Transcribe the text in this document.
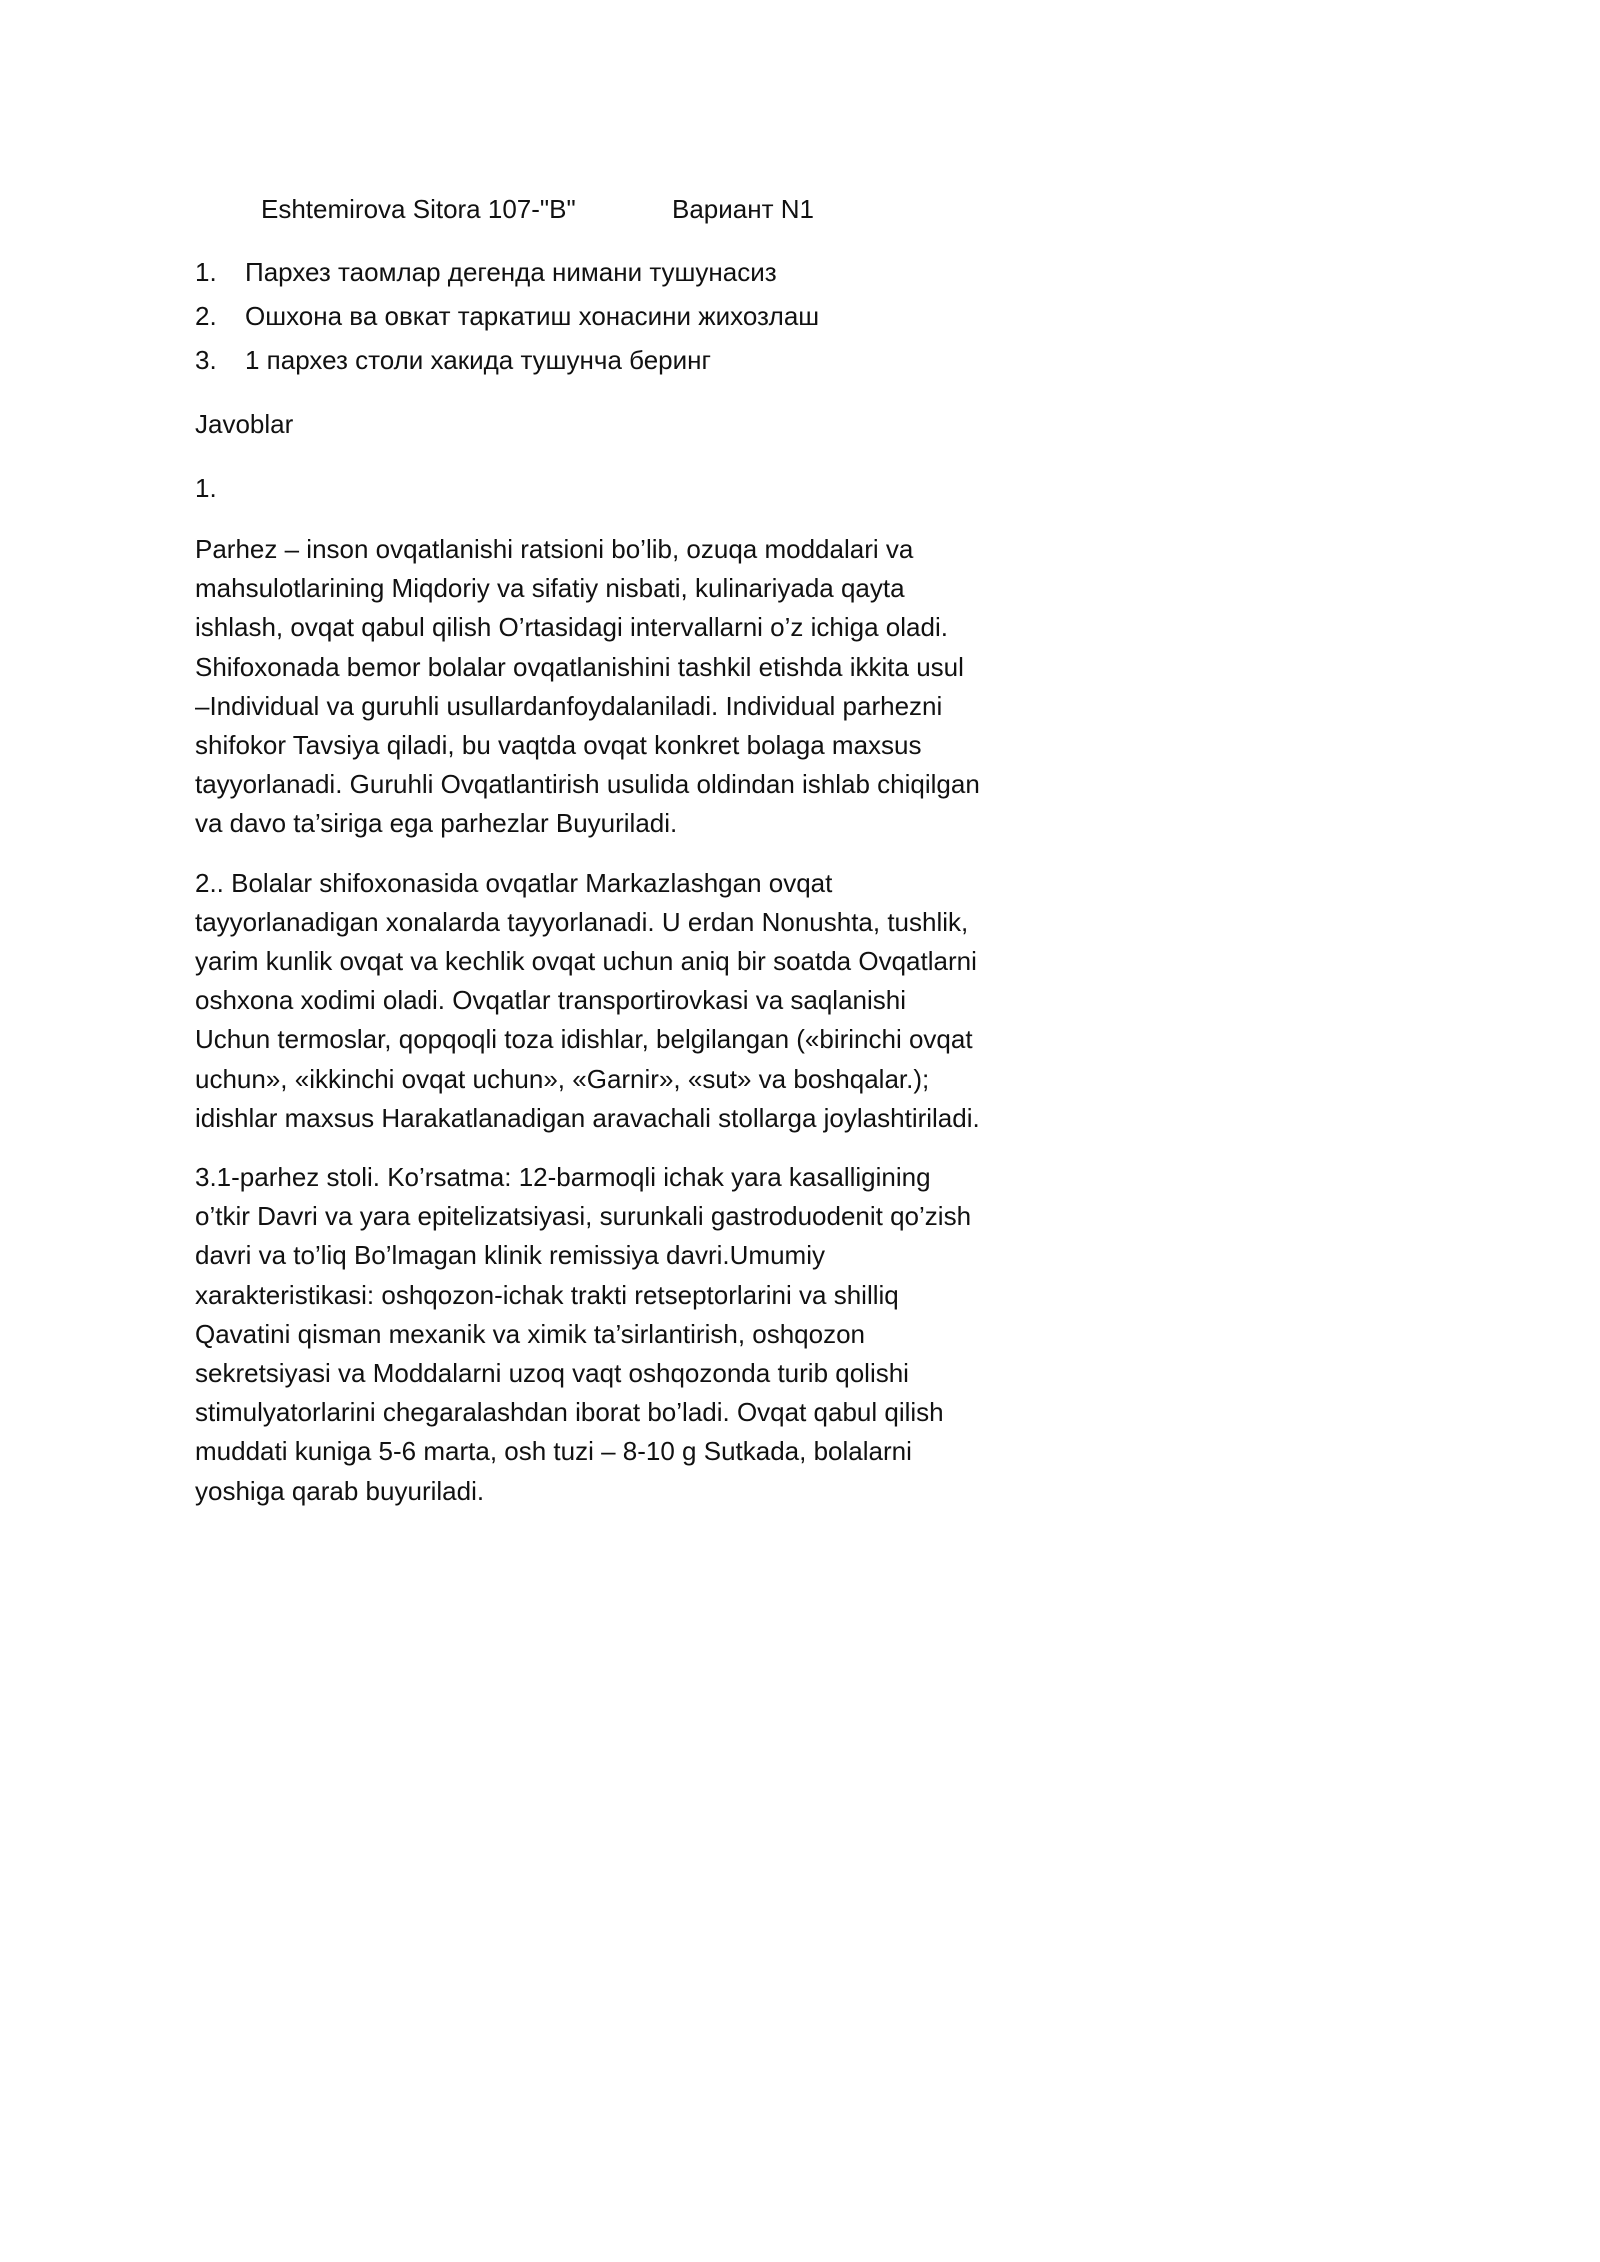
Eshtemirova Sitora 107-"B"	Вариант N1
1.	Пархез таомлар дегенда нимани тушунасиз
2.	Ошхона ва овкат таркатиш хонасини жихозлаш
3.	1 пархез столи хакида тушунча беринг
Javoblar
1.

Parhez – inson ovqatlanishi ratsioni bo’lib, ozuqa moddalari va mahsulotlarining Miqdoriy va sifatiy nisbati, kulinariyada qayta ishlash, ovqat qabul qilish O’rtasidagi intervallarni o’z ichiga oladi. Shifoxonada bemor bolalar ovqatlanishini tashkil etishda ikkita usul –Individual va guruhli usullardanfoydalaniladi. Individual parhezni shifokor Tavsiya qiladi, bu vaqtda ovqat konkret bolaga maxsus tayyorlanadi. Guruhli Ovqatlantirish usulida oldindan ishlab chiqilgan va davo ta’siriga ega parhezlar Buyuriladi.

2.. Bolalar shifoxonasida ovqatlar Markazlashgan ovqat tayyorlanadigan xonalarda tayyorlanadi. U erdan Nonushta, tushlik, yarim kunlik ovqat va kechlik ovqat uchun aniq bir soatda Ovqatlarni oshxona xodimi oladi. Ovqatlar transportirovkasi va saqlanishi Uchun termoslar, qopqoqli toza idishlar, belgilangan («birinchi ovqat uchun», «ikkinchi ovqat uchun», «Garnir», «sut» va boshqalar.); idishlar maxsus Harakatlanadigan aravachali stollarga joylashtiriladi.

3.1-parhez stoli. Ko’rsatma: 12-barmoqli ichak yara kasalligining o’tkir Davri va yara epitelizatsiyasi, surunkali gastroduodenit qo’zish davri va to’liq Bo’lmagan klinik remissiya davri.Umumiy xarakteristikasi: oshqozon-ichak trakti retseptorlarini va shilliq Qavatini qisman mexanik va ximik ta’sirlantirish, oshqozon sekretsiyasi va Moddalarni uzoq vaqt oshqozonda turib qolishi stimulyatorlarini chegaralashdan iborat bo’ladi. Ovqat qabul qilish muddati kuniga 5-6 marta, osh tuzi – 8-10 g Sutkada, bolalarni yoshiga qarab buyuriladi.
